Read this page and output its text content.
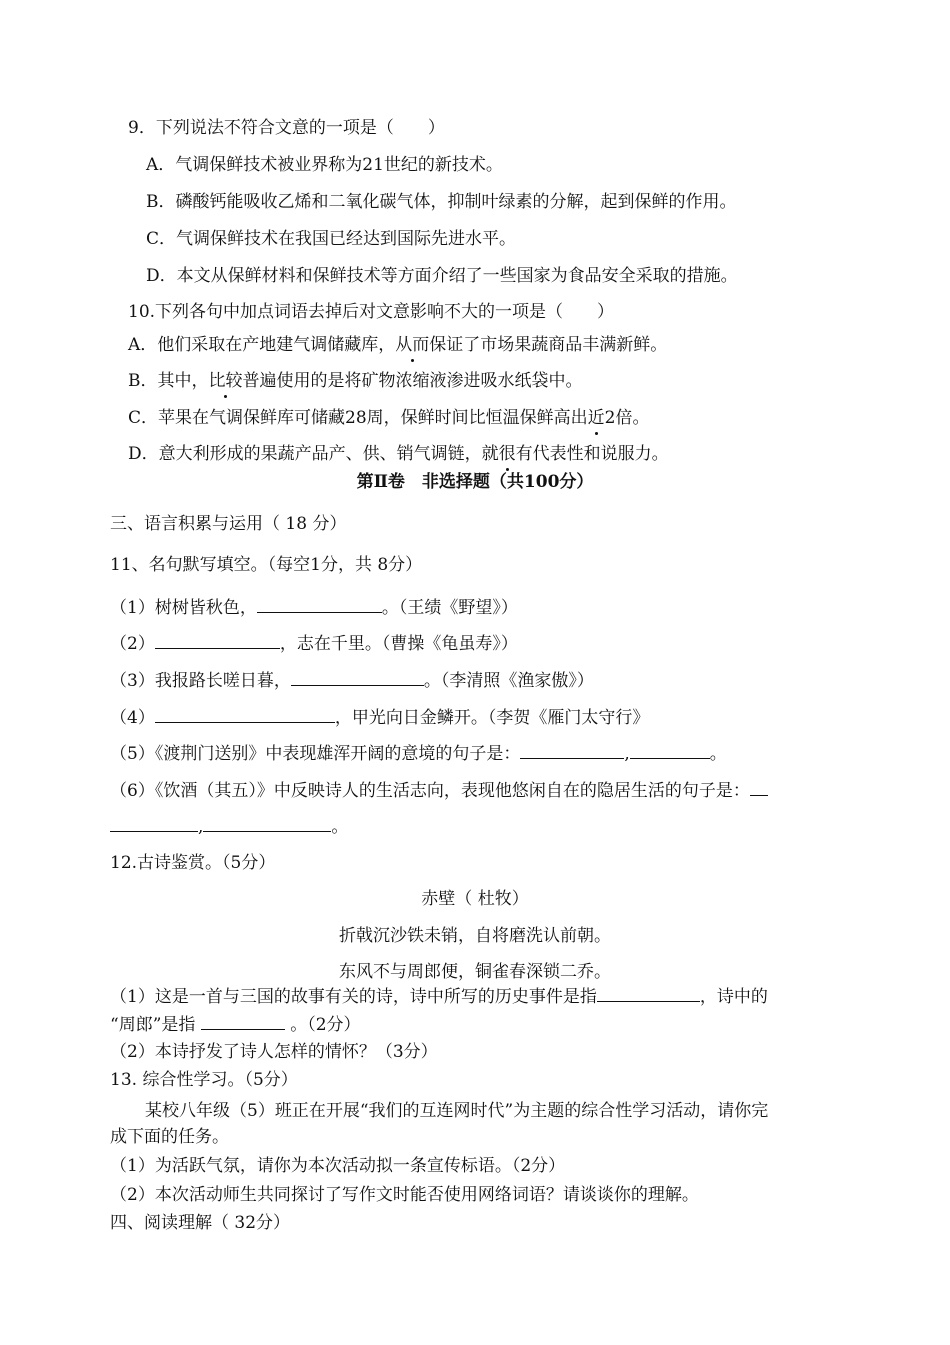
9．下列说法不符合文意的一项是（　　）
A．气调保鲜技术被业界称为21世纪的新技术。
B．磷酸钙能吸收乙烯和二氧化碳气体，抑制叶绿素的分解，起到保鲜的作用。
C．气调保鲜技术在我国已经达到国际先进水平。
D．本文从保鲜材料和保鲜技术等方面介绍了一些国家为食品安全采取的措施。
10.下列各句中加点词语去掉后对文意影响不大的一项是（　　）
A．他们采取在产地建气调储藏库，从而保证了市场果蔬商品丰满新鲜。
B．其中，比较普遍使用的是将矿物浓缩液渗进吸水纸袋中。
C．苹果在气调保鲜库可储藏28周，保鲜时间比恒温保鲜高出近2倍。
D．意大利形成的果蔬产品产、供、销气调链，就很有代表性和说服力。
第Ⅱ卷　非选择题（共100分）
三、语言积累与运用（ 18 分）
11、名句默写填空。（每空1分，共 8分）
（1）树树皆秋色，	。（王绩《野望》）
（2）	，志在千里。（曹操《龟虽寿》）
（3）我报路长嗟日暮，	。（李清照《渔家傲》）
（4）	，甲光向日金鳞开。（李贺《雁门太守行》
（5）《渡荆门送别》中表现雄浑开阔的意境的句子是：	,	。
（6）《饮酒（其五）》中反映诗人的生活志向，表现他悠闲自在的隐居生活的句子是：
,	。
12.古诗鉴赏。（5分）
赤壁（ 杜牧）
折戟沉沙铁未销，自将磨洗认前朝。
东风不与周郎便，铜雀春深锁二乔。
（1）这是一首与三国的故事有关的诗，诗中所写的历史事件是指	，诗中的
“周郎”是指	。（2分）
（2）本诗抒发了诗人怎样的情怀？（3分）
13. 综合性学习。（5分）
　某校八年级（5）班正在开展“我们的互连网时代”为主题的综合性学习活动，请你完
成下面的任务。
（1）为活跃气氛，请你为本次活动拟一条宣传标语。（2分）
（2）本次活动师生共同探讨了写作文时能否使用网络词语？请谈谈你的理解。
四、阅读理解（ 32分）
